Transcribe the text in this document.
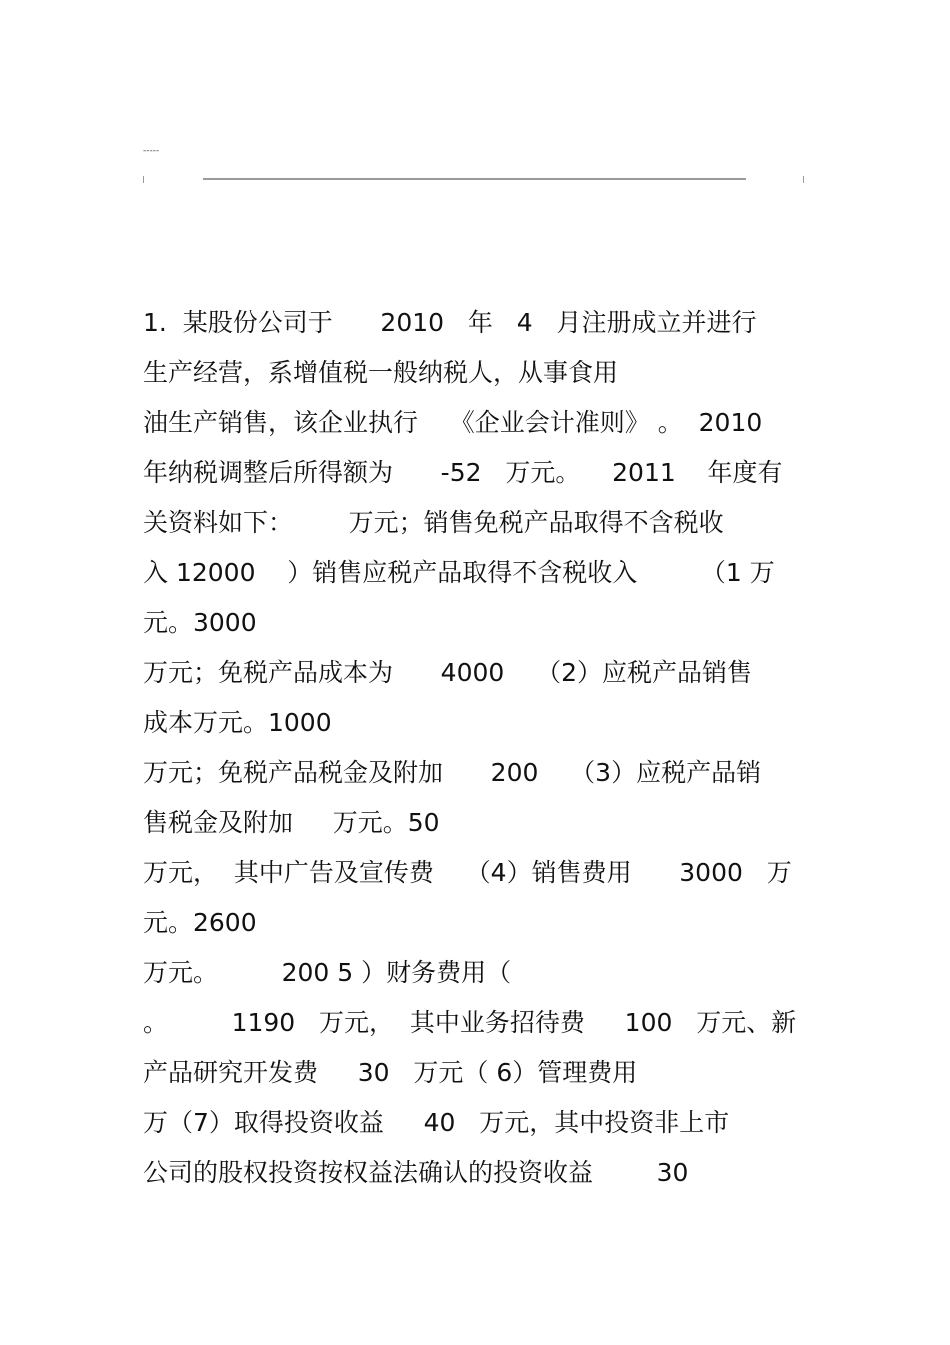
-----
1.  某股份公司于      2010   年   4   月注册成立并进行
生产经营，系增值税一般纳税人，从事食用
油生产销售，该企业执行    《企业会计准则》 。  2010
年纳税调整后所得额为      -52   万元。    2011    年度有
关资料如下：       万元；销售免税产品取得不含税收
入 12000    ）销售应税产品取得不含税收入        （1 万
元。3000
万元；免税产品成本为      4000    （2）应税产品销售
成本万元。1000
万元；免税产品税金及附加      200    （3）应税产品销
售税金及附加     万元。50
万元，  其中广告及宣传费    （4）销售费用      3000   万
元。2600
万元。        200 5 ）财务费用（
。        1190   万元，  其中业务招待费     100   万元、新
产品研究开发费     30   万元（ 6）管理费用
万（7）取得投资收益     40   万元，其中投资非上市
公司的股权投资按权益法确认的投资收益        30
